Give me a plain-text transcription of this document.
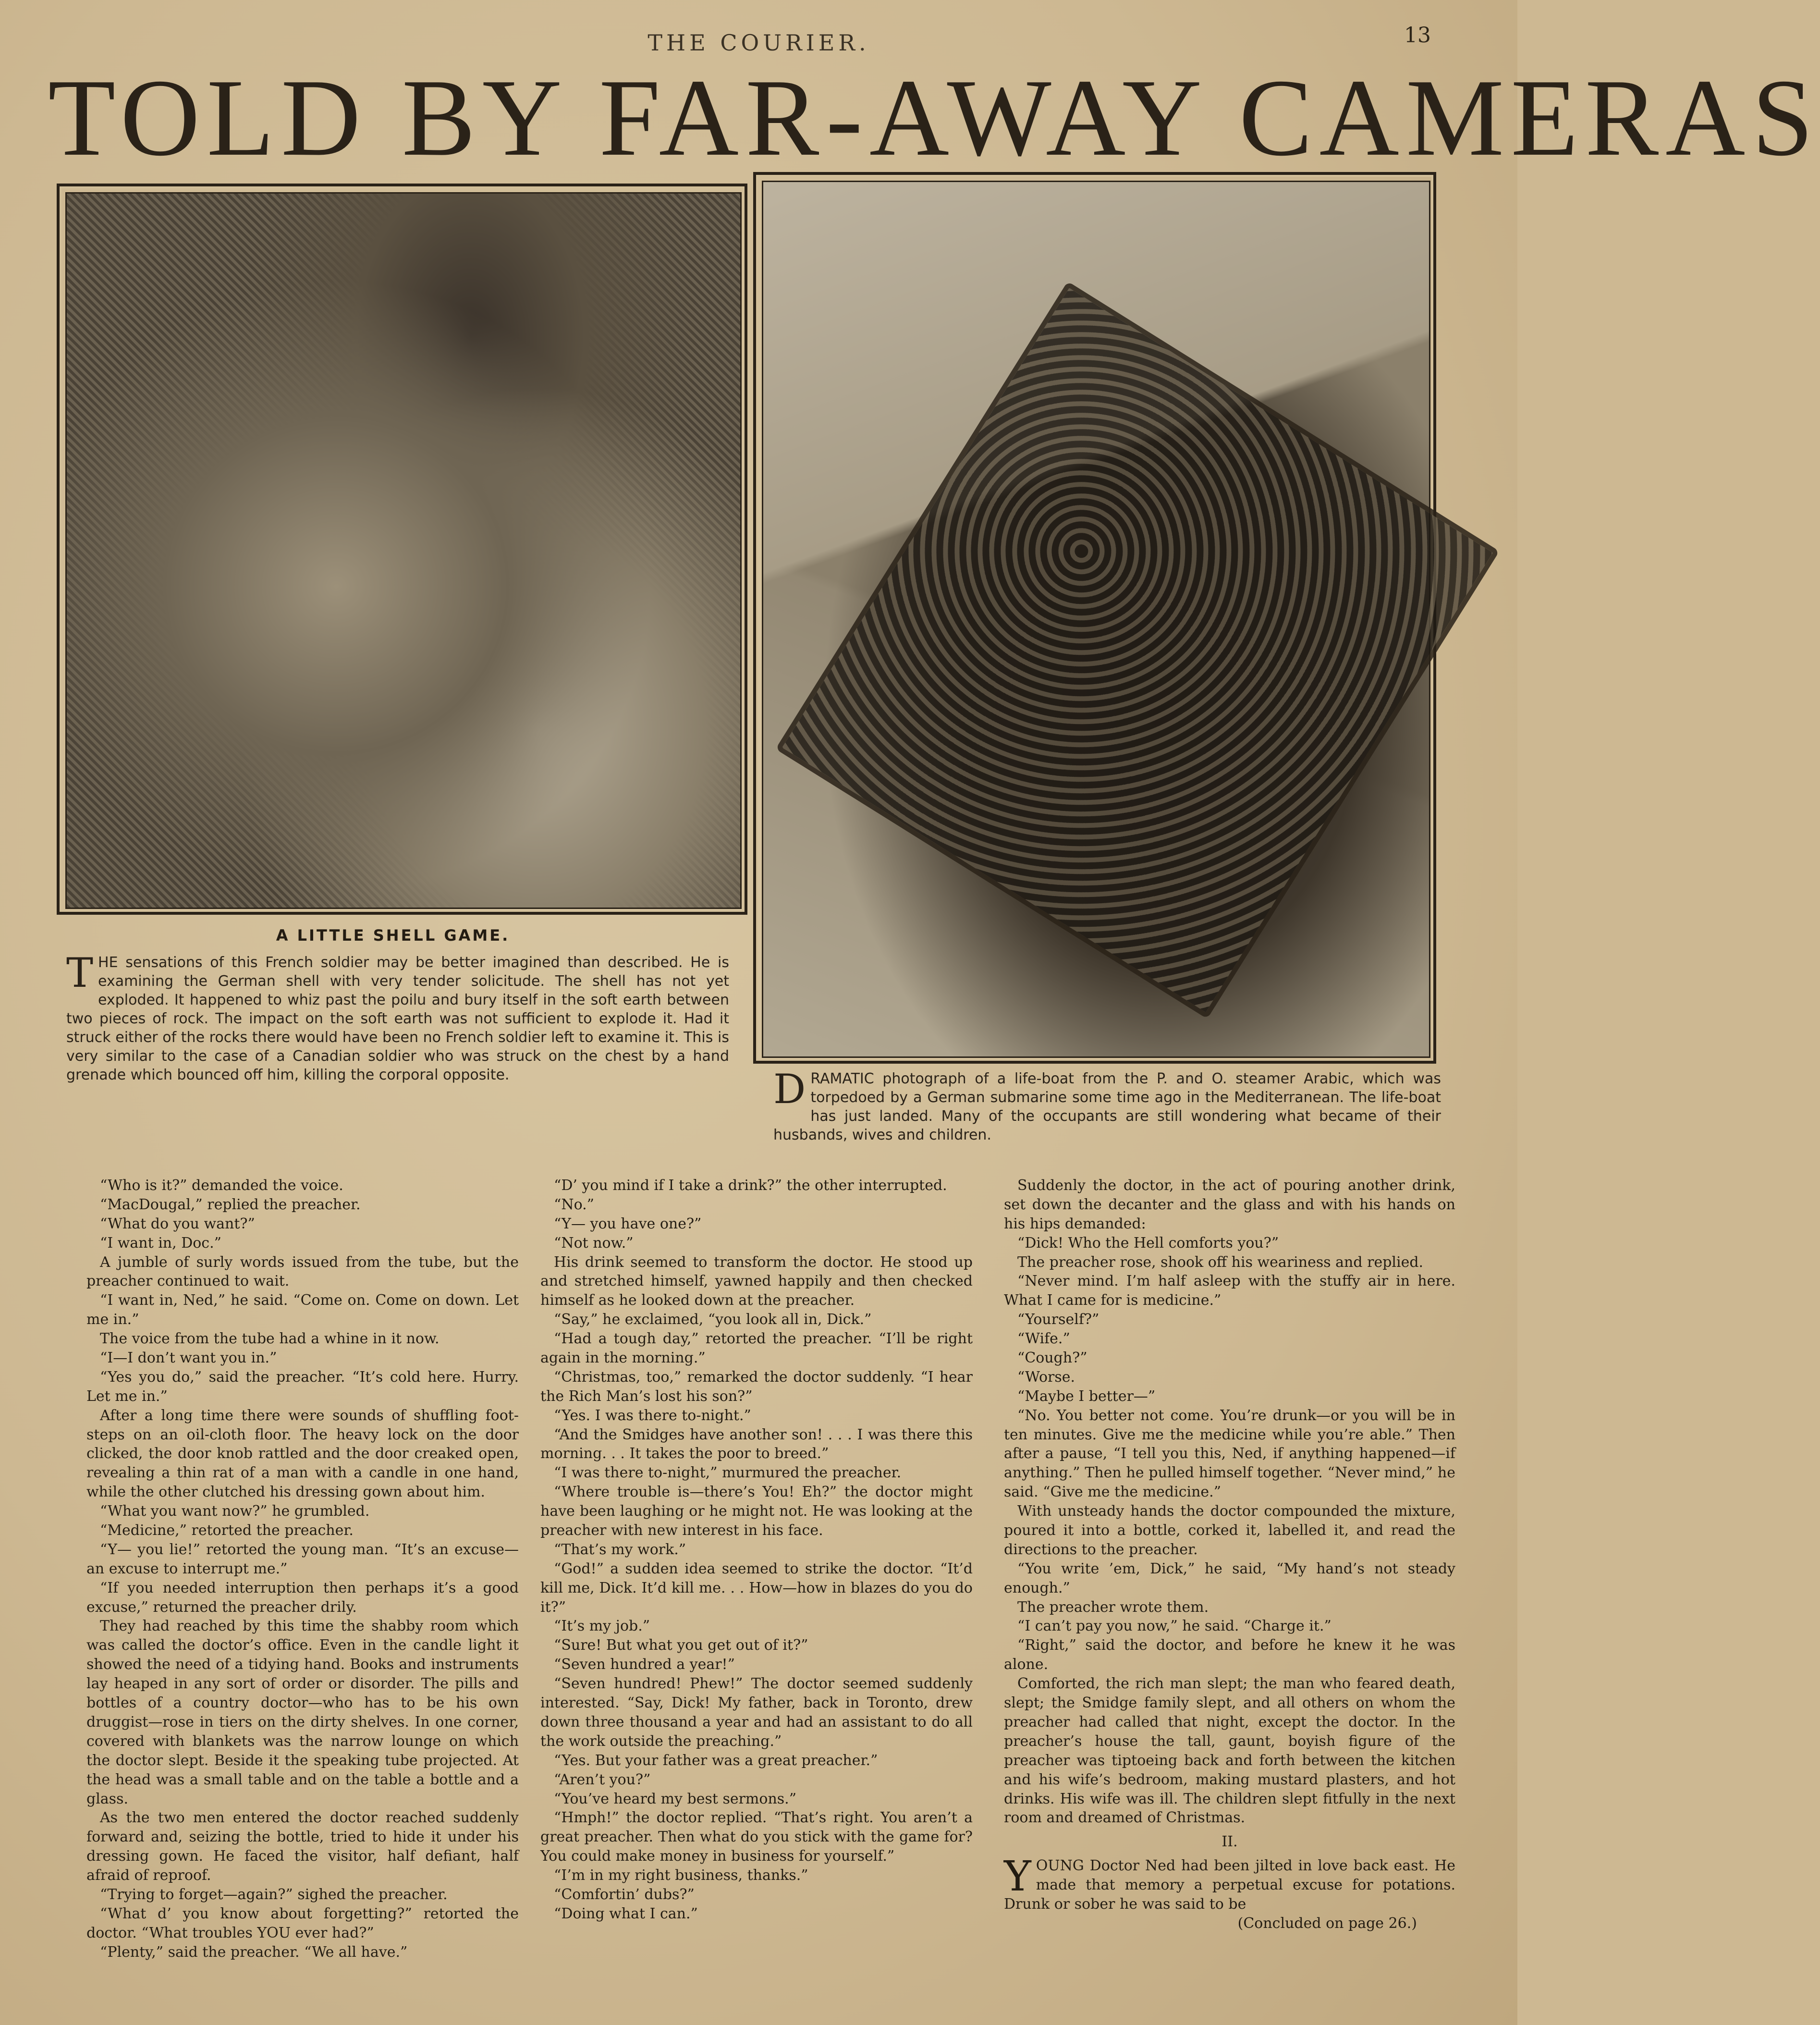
THE COURIER.	13
TOLD BY FAR-AWAY CAMERAS
A LITTLE SHELL GAME.
T HE sensations of this French soldier may be better imagined than described. He is examining the German shell with very tender solicitude. The shell has not yet exploded. It happened to whiz past the poilu and bury itself in the soft earth between two pieces of rock. The impact on the soft earth was not sufficient to explode it. Had it struck either of the rocks there would have been no French soldier left to examine it. This is very similar to the case of a Canadian soldier who was struck on the chest by a hand grenade which bounced off him, killing the corporal opposite.	D RAMATIC photograph of a life-boat from the P. and O. steamer Arabic, which was torpedoed by a German submarine some time ago in the Mediterranean. The life-boat has just landed. Many of the occupants are still wondering what became of their husbands, wives and children.

“Who is it?” demanded the voice.

“MacDougal,” replied the preacher.

“What do you want?”

“I want in, Doc.”

A jumble of surly words issued from the tube, but the preacher continued to wait.

“I want in, Ned,” he said. “Come on. Come on down. Let me in.”

The voice from the tube had a whine in it now.

“I—I don’t want you in.”

“Yes you do,” said the preacher. “It’s cold here. Hurry. Let me in.”

After a long time there were sounds of shuffling foot-steps on an oil-cloth floor. The heavy lock on the door clicked, the door knob rattled and the door creaked open, revealing a thin rat of a man with a candle in one hand, while the other clutched his dressing gown about him.

“What you want now?” he grumbled.

“Medicine,” retorted the preacher.

“Y— you lie!” retorted the young man. “It’s an excuse—an excuse to interrupt me.”

“If you needed interruption then perhaps it’s a good excuse,” returned the preacher drily.

They had reached by this time the shabby room which was called the doctor’s office. Even in the candle light it showed the need of a tidying hand. Books and instruments lay heaped in any sort of order or disorder. The pills and bottles of a country doctor—who has to be his own druggist—rose in tiers on the dirty shelves. In one corner, covered with blankets was the narrow lounge on which the doctor slept. Beside it the speaking tube projected. At the head was a small table and on the table a bottle and a glass.

As the two men entered the doctor reached suddenly forward and, seizing the bottle, tried to hide it under his dressing gown. He faced the visitor, half defiant, half afraid of reproof.

“Trying to forget—again?” sighed the preacher.

“What d’ you know about forgetting?” retorted the doctor. “What troubles YOU ever had?”

“Plenty,” said the preacher. “We all have.”

“D’ you mind if I take a drink?” the other interrupted.

“No.”

“Y— you have one?”

“Not now.”

His drink seemed to transform the doctor. He stood up and stretched himself, yawned happily and then checked himself as he looked down at the preacher.

“Say,” he exclaimed, “you look all in, Dick.”

“Had a tough day,” retorted the preacher. “I’ll be right again in the morning.”

“Christmas, too,” remarked the doctor suddenly. “I hear the Rich Man’s lost his son?”

“Yes. I was there to-night.”

“And the Smidges have another son! . . . I was there this morning. . . It takes the poor to breed.”

“I was there to-night,” murmured the preacher.

“Where trouble is—there’s You! Eh?” the doctor might have been laughing or he might not. He was looking at the preacher with new interest in his face.

“That’s my work.”

“God!” a sudden idea seemed to strike the doctor. “It’d kill me, Dick. It’d kill me. . . How—how in blazes do you do it?”

“It’s my job.”

“Sure! But what you get out of it?”

“Seven hundred a year!”

“Seven hundred! Phew!” The doctor seemed suddenly interested. “Say, Dick! My father, back in Toronto, drew down three thousand a year and had an assistant to do all the work outside the preaching.”

“Yes. But your father was a great preacher.”

“Aren’t you?”

“You’ve heard my best sermons.”

“Hmph!” the doctor replied. “That’s right. You aren’t a great preacher. Then what do you stick with the game for? You could make money in business for yourself.”

“I’m in my right business, thanks.”

“Comfortin’ dubs?”

“Doing what I can.”

Suddenly the doctor, in the act of pouring another drink, set down the decanter and the glass and with his hands on his hips demanded:

“Dick! Who the Hell comforts you?”

The preacher rose, shook off his weariness and replied.

“Never mind. I’m half asleep with the stuffy air in here. What I came for is medicine.”

“Yourself?”

“Wife.”

“Cough?”

“Worse.

“Maybe I better—”

“No. You better not come. You’re drunk—or you will be in ten minutes. Give me the medicine while you’re able.” Then after a pause, “I tell you this, Ned, if anything happened—if anything.” Then he pulled himself together. “Never mind,” he said. “Give me the medicine.”

With unsteady hands the doctor compounded the mixture, poured it into a bottle, corked it, labelled it, and read the directions to the preacher.

“You write ’em, Dick,” he said, “My hand’s not steady enough.”

The preacher wrote them.

“I can’t pay you now,” he said. “Charge it.”

“Right,” said the doctor, and before he knew it he was alone.

Comforted, the rich man slept; the man who feared death, slept; the Smidge family slept, and all others on whom the preacher had called that night, except the doctor. In the preacher’s house the tall, gaunt, boyish figure of the preacher was tiptoeing back and forth between the kitchen and his wife’s bedroom, making mustard plasters, and hot drinks. His wife was ill. The children slept fitfully in the next room and dreamed of Christmas.

II.

Y OUNG Doctor Ned had been jilted in love back east. He made that memory a perpetual excuse for potations. Drunk or sober he was said to be

(Concluded on page 26.)
